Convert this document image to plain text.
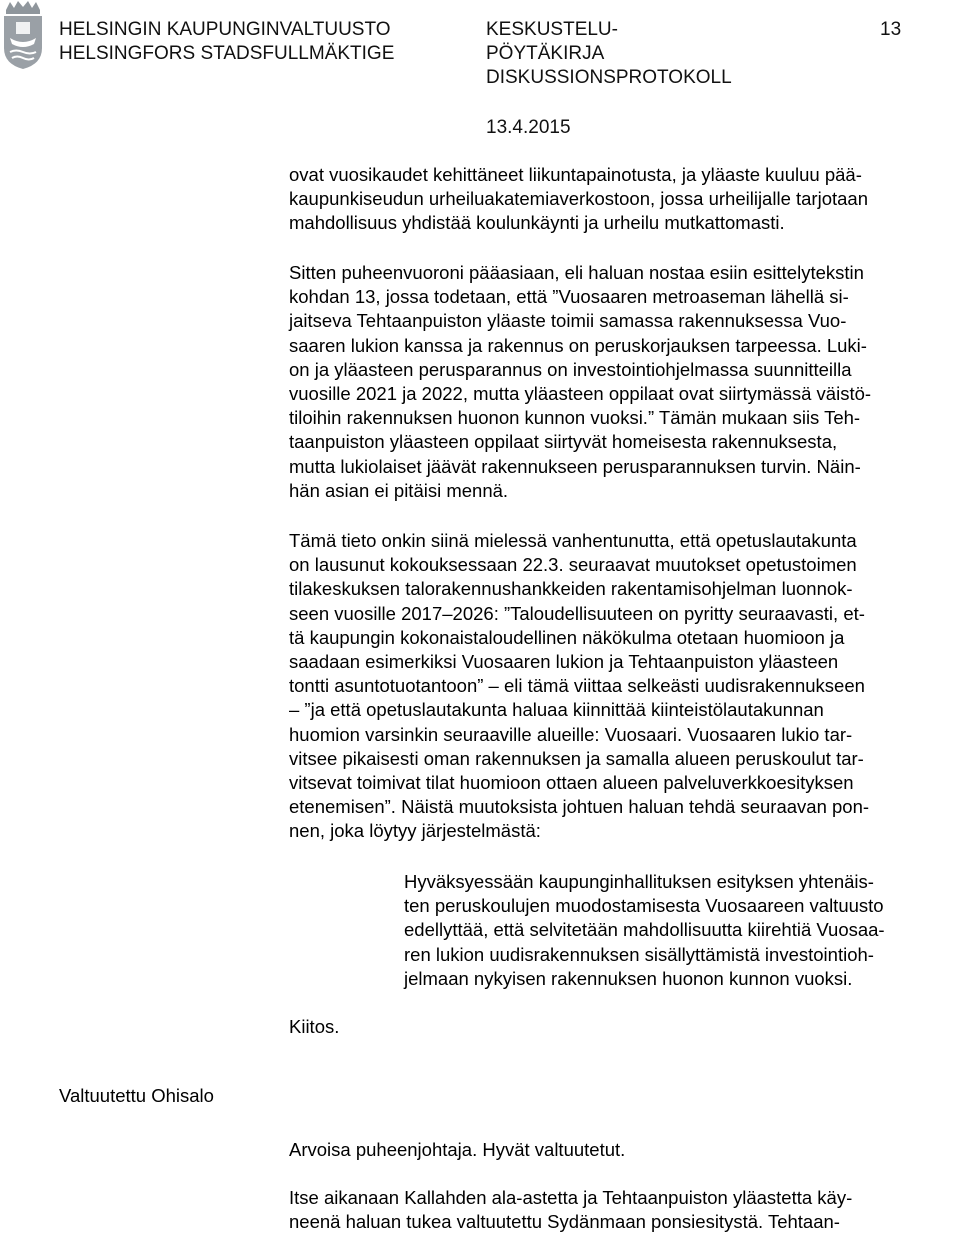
HELSINGIN KAUPUNGINVALTUUSTO
HELSINGFORS STADSFULLMÄKTIGE
KESKUSTELU-
PÖYTÄKIRJA
DISKUSSIONSPROTOKOLL
13
13.4.2015
ovat vuosikaudet kehittäneet liikuntapainotusta, ja yläaste kuuluu pää-
kaupunkiseudun urheiluakatemiaverkostoon, jossa urheilijalle tarjotaan
mahdollisuus yhdistää koulunkäynti ja urheilu mutkattomasti.
Sitten puheenvuoroni pääasiaan, eli haluan nostaa esiin esittelytekstin
kohdan 13, jossa todetaan, että ”Vuosaaren metroaseman lähellä si-
jaitseva Tehtaanpuiston yläaste toimii samassa rakennuksessa Vuo-
saaren lukion kanssa ja rakennus on peruskorjauksen tarpeessa. Luki-
on ja yläasteen perusparannus on investointiohjelmassa suunnitteilla
vuosille 2021 ja 2022, mutta yläasteen oppilaat ovat siirtymässä väistö-
tiloihin rakennuksen huonon kunnon vuoksi.” Tämän mukaan siis Teh-
taanpuiston yläasteen oppilaat siirtyvät homeisesta rakennuksesta,
mutta lukiolaiset jäävät rakennukseen perusparannuksen turvin. Näin-
hän asian ei pitäisi mennä.
Tämä tieto onkin siinä mielessä vanhentunutta, että opetuslautakunta
on lausunut kokouksessaan 22.3. seuraavat muutokset opetustoimen
tilakeskuksen talorakennushankkeiden rakentamisohjelman luonnok-
seen vuosille 2017–2026: ”Taloudellisuuteen on pyritty seuraavasti, et-
tä kaupungin kokonaistaloudellinen näkökulma otetaan huomioon ja
saadaan esimerkiksi Vuosaaren lukion ja Tehtaanpuiston yläasteen
tontti asuntotuotantoon” – eli tämä viittaa selkeästi uudisrakennukseen
– ”ja että opetuslautakunta haluaa kiinnittää kiinteistölautakunnan
huomion varsinkin seuraaville alueille: Vuosaari. Vuosaaren lukio tar-
vitsee pikaisesti oman rakennuksen ja samalla alueen peruskoulut tar-
vitsevat toimivat tilat huomioon ottaen alueen palveluverkkoesityksen
etenemisen”. Näistä muutoksista johtuen haluan tehdä seuraavan pon-
nen, joka löytyy järjestelmästä:
Hyväksyessään kaupunginhallituksen esityksen yhtenäis-
ten peruskoulujen muodostamisesta Vuosaareen valtuusto
edellyttää, että selvitetään mahdollisuutta kiirehtiä Vuosaa-
ren lukion uudisrakennuksen sisällyttämistä investointioh-
jelmaan nykyisen rakennuksen huonon kunnon vuoksi.
Kiitos.
Valtuutettu Ohisalo
Arvoisa puheenjohtaja. Hyvät valtuutetut.
Itse aikanaan Kallahden ala-astetta ja Tehtaanpuiston yläastetta käy-
neenä haluan tukea valtuutettu Sydänmaan ponsiesitystä. Tehtaan-
